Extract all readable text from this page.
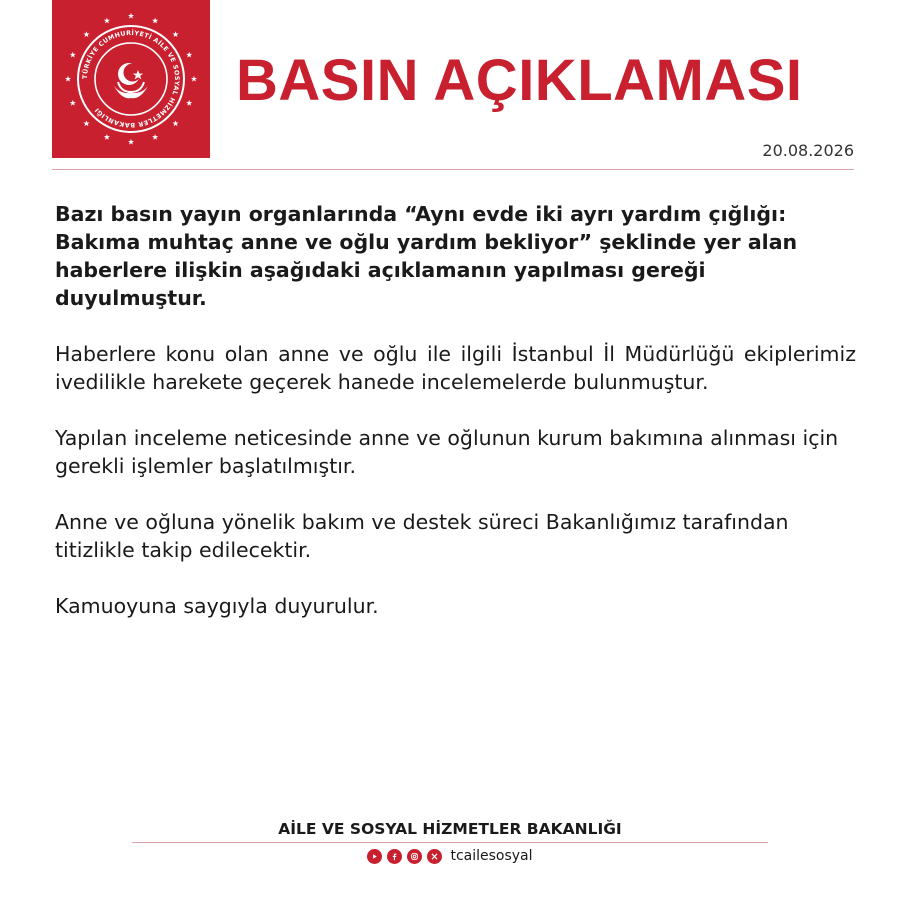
TÜRKİYE CUMHURİYETİ AİLE VE SOSYAL HİZMETLER BAKANLIĞI	BASIN AÇIKLAMASI
20.08.2026

Bazı basın yayın organlarında “Aynı evde iki ayrı yardım çığlığı: Bakıma muhtaç anne ve oğlu yardım bekliyor” şeklinde yer alan haberlere ilişkin aşağıdaki açıklamanın yapılması gereği duyulmuştur.

Haberlere konu olan anne ve oğlu ile ilgili İstanbul İl Müdürlüğü ekiplerimiz ivedilikle harekete geçerek hanede incelemelerde bulunmuştur.

Yapılan inceleme neticesinde anne ve oğlunun kurum bakımına alınması için gerekli işlemler başlatılmıştır.

Anne ve oğluna yönelik bakım ve destek süreci Bakanlığımız tarafından titizlikle takip edilecektir.

Kamuoyuna saygıyla duyurulur.

AİLE VE SOSYAL HİZMETLER BAKANLIĞI
tcailesosyal
